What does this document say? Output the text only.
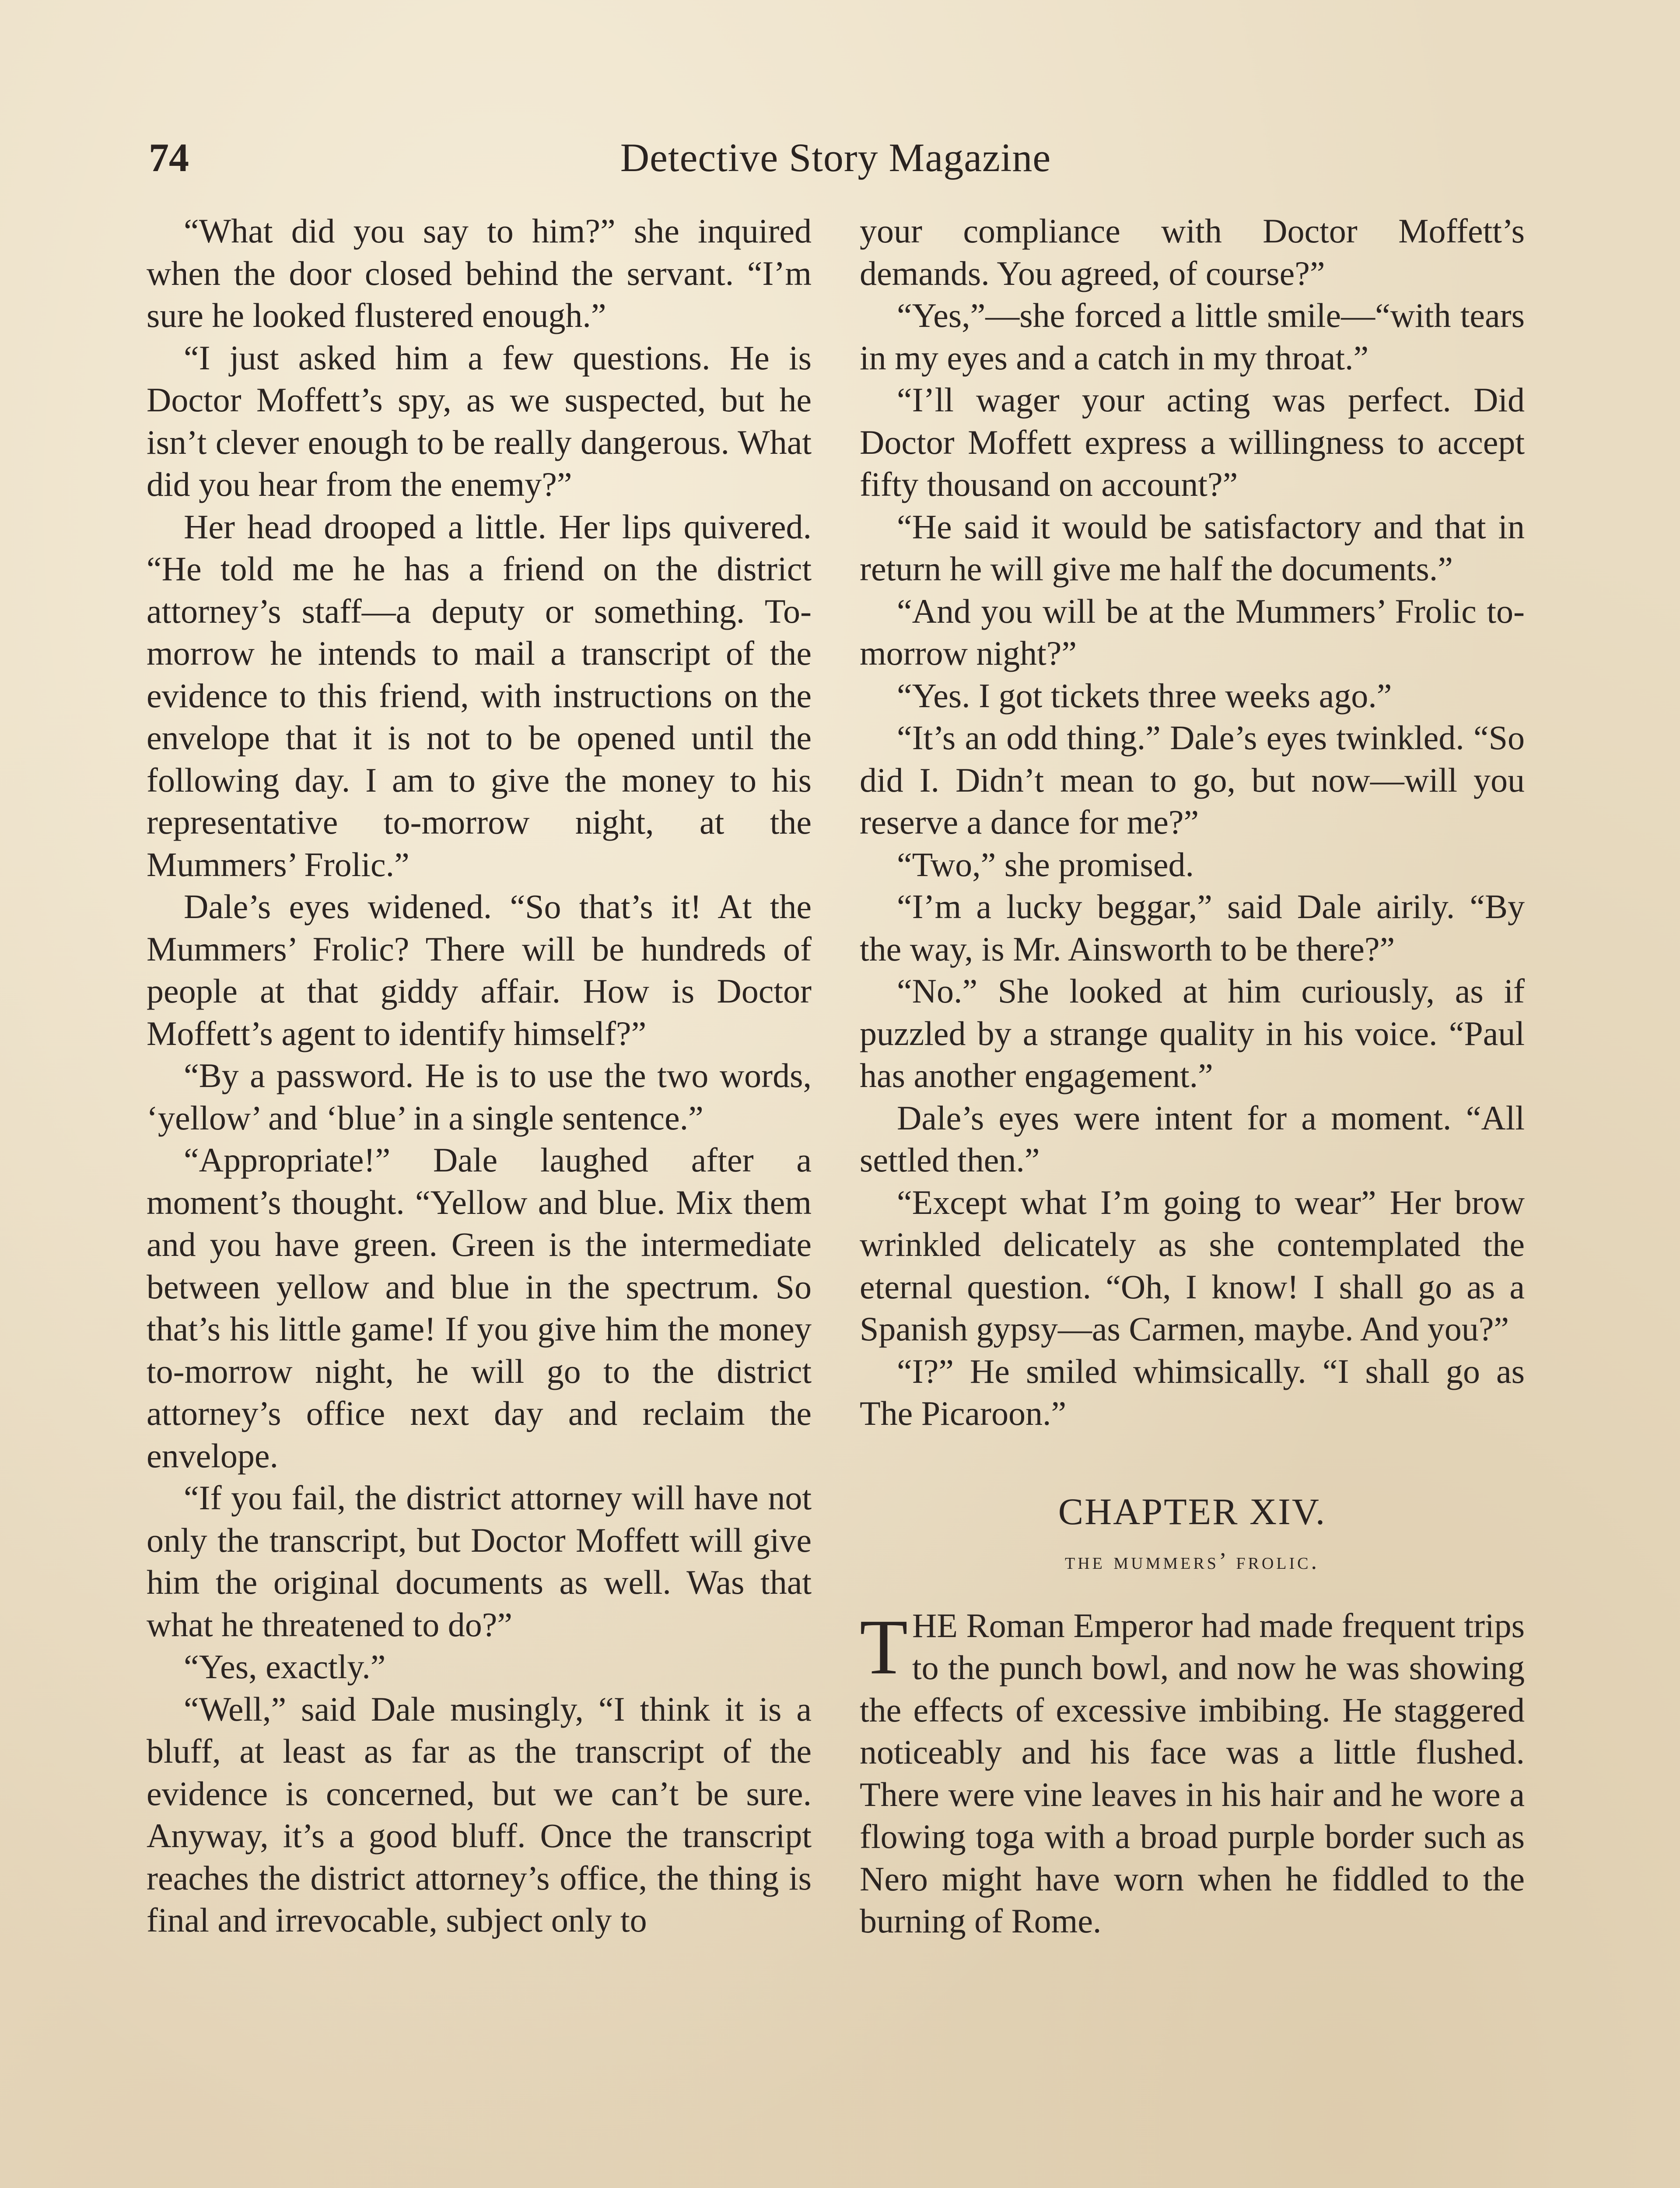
74	Detective Story Magazine

“What did you say to him?” she inquired when the door closed behind the servant. “I’m sure he looked flustered enough.”

“I just asked him a few questions. He is Doctor Moffett’s spy, as we suspected, but he isn’t clever enough to be really dangerous. What did you hear from the enemy?”

Her head drooped a little. Her lips quivered. “He told me he has a friend on the district attorney’s staff—a deputy or something. To-morrow he intends to mail a transcript of the evidence to this friend, with instructions on the envelope that it is not to be opened until the following day. I am to give the money to his representative to-morrow night, at the Mummers’ Frolic.”

Dale’s eyes widened. “So that’s it! At the Mummers’ Frolic? There will be hundreds of people at that giddy affair. How is Doctor Moffett’s agent to identify himself?”

“By a password. He is to use the two words, ‘yellow’ and ‘blue’ in a single sentence.”

“Appropriate!” Dale laughed after a moment’s thought. “Yellow and blue. Mix them and you have green. Green is the intermediate between yellow and blue in the spectrum. So that’s his little game! If you give him the money to-morrow night, he will go to the district attorney’s office next day and reclaim the envelope.

“If you fail, the district attorney will have not only the transcript, but Doctor Moffett will give him the original documents as well. Was that what he threatened to do?”

“Yes, exactly.”

“Well,” said Dale musingly, “I think it is a bluff, at least as far as the transcript of the evidence is concerned, but we can’t be sure. Anyway, it’s a good bluff. Once the transcript reaches the district attorney’s office, the thing is final and irrevocable, subject only to

your compliance with Doctor Moffett’s demands. You agreed, of course?”

“Yes,”—she forced a little smile—“with tears in my eyes and a catch in my throat.”

“I’ll wager your acting was perfect. Did Doctor Moffett express a willingness to accept fifty thousand on account?”

“He said it would be satisfactory and that in return he will give me half the documents.”

“And you will be at the Mummers’ Frolic to-morrow night?”

“Yes. I got tickets three weeks ago.”

“It’s an odd thing.” Dale’s eyes twinkled. “So did I. Didn’t mean to go, but now—will you reserve a dance for me?”

“Two,” she promised.

“I’m a lucky beggar,” said Dale airily. “By the way, is Mr. Ainsworth to be there?”

“No.” She looked at him curiously, as if puzzled by a strange quality in his voice. “Paul has another engagement.”

Dale’s eyes were intent for a moment. “All settled then.”

“Except what I’m going to wear” Her brow wrinkled delicately as she contemplated the eternal question. “Oh, I know! I shall go as a Spanish gypsy—as Carmen, maybe. And you?”

“I?” He smiled whimsically. “I shall go as The Picaroon.”

CHAPTER XIV.
the mummers’ frolic.

THE Roman Emperor had made frequent trips to the punch bowl, and now he was showing the effects of excessive imbibing. He staggered noticeably and his face was a little flushed. There were vine leaves in his hair and he wore a flowing toga with a broad purple border such as Nero might have worn when he fiddled to the burning of Rome.
